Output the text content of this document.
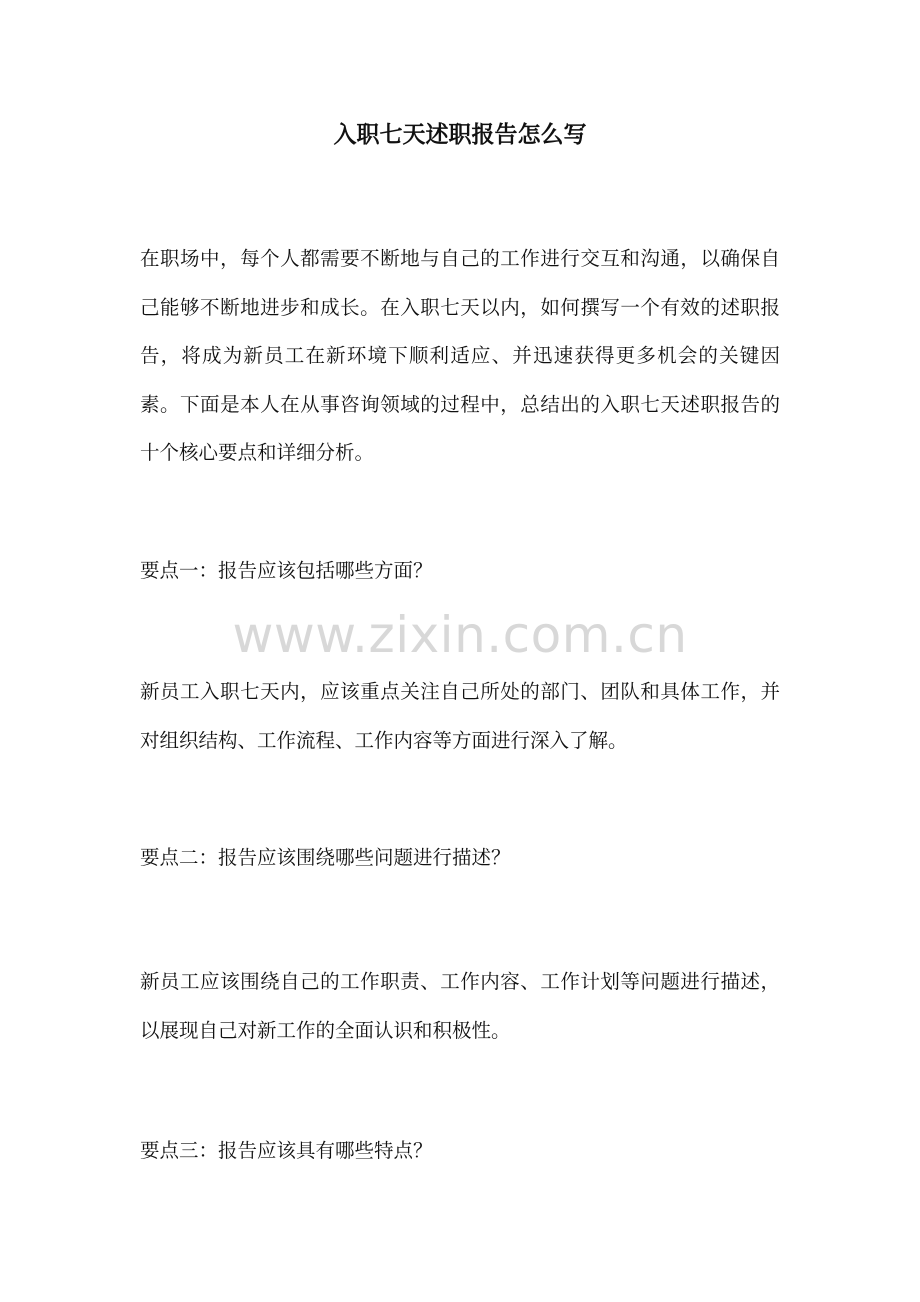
入职七天述职报告怎么写

在职场中，每个人都需要不断地与自己的工作进行交互和沟通，以确保自己能够不断地进步和成长。在入职七天以内，如何撰写一个有效的述职报告，将成为新员工在新环境下顺利适应、并迅速获得更多机会的关键因素。下面是本人在从事咨询领域的过程中，总结出的入职七天述职报告的十个核心要点和详细分析。

要点一：报告应该包括哪些方面？

www.zixin.com.cn

新员工入职七天内，应该重点关注自己所处的部门、团队和具体工作，并对组织结构、工作流程、工作内容等方面进行深入了解。

要点二：报告应该围绕哪些问题进行描述？

新员工应该围绕自己的工作职责、工作内容、工作计划等问题进行描述，以展现自己对新工作的全面认识和积极性。

要点三：报告应该具有哪些特点？
